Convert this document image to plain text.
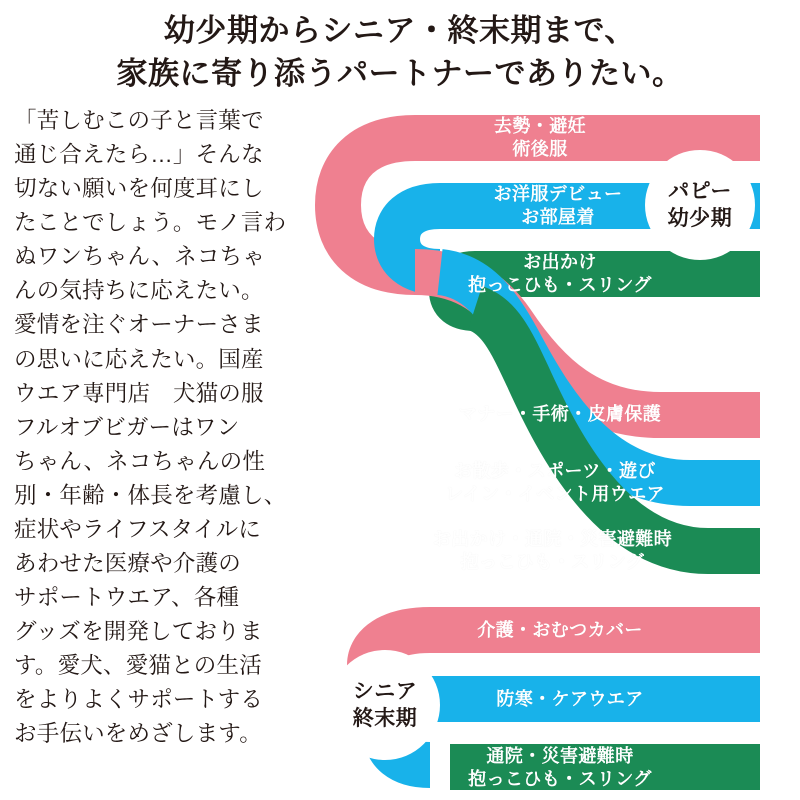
幼少期からシニア・終末期まで、
家族に寄り添うパートナーでありたい。
「苦しむこの子と言葉で
通じ合えたら…」そんな
切ない願いを何度耳にし
たことでしょう。モノ言わ
ぬワンちゃん、ネコちゃ
んの気持ちに応えたい。
愛情を注ぐオーナーさま
の思いに応えたい。国産
ウエア専門店　犬猫の服
フルオブビガーはワン
ちゃん、ネコちゃんの性
別・年齢・体長を考慮し、
症状やライフスタイルに
あわせた医療や介護の
サポートウエア、各種
グッズを開発しておりま
す。愛犬、愛猫との生活
をよりよくサポートする
お手伝いをめざします。
去勢・避妊
術後服
お洋服デビュー
お部屋着
お出かけ
抱っこひも・スリング
パピー
幼少期
マナー・手術・皮膚保護
お散歩・スポーツ・遊び
レイン・イベント用ウエア
お出かけ・通院・災害避難時
抱っこひも・スリング
介護・おむつカバー
防寒・ケアウエア
通院・災害避難時
抱っこひも・スリング
シニア
終末期
